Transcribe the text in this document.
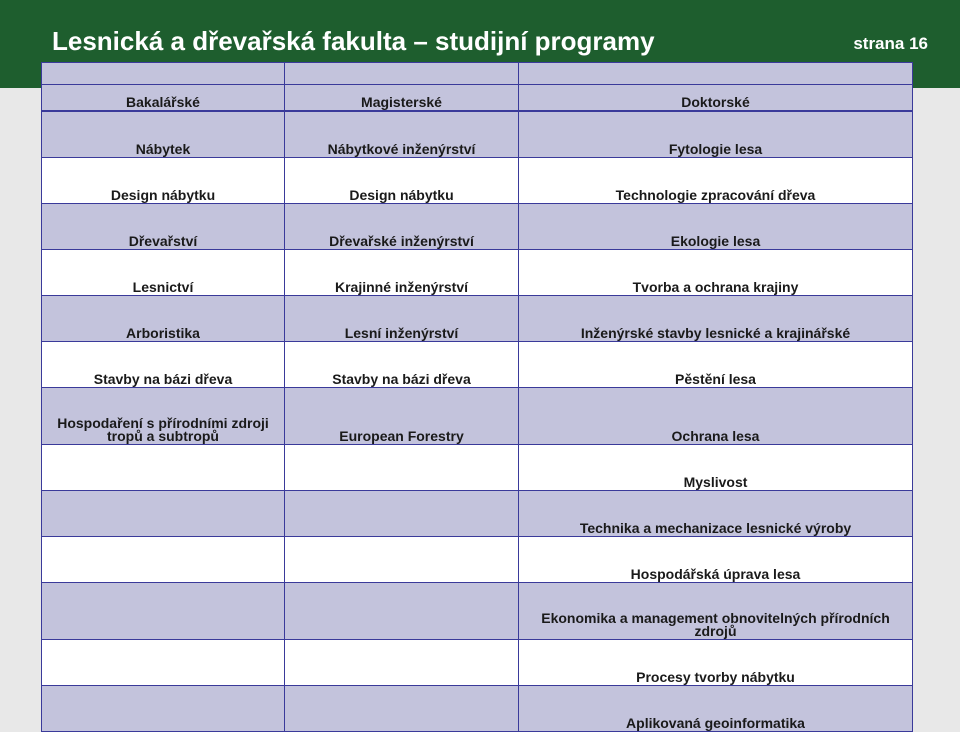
Lesnická a dřevařská fakulta – studijní programy	strana 16

Bakalářské	Magisterské	Doktorské
Nábytek	Nábytkové inženýrství	Fytologie lesa
Design nábytku	Design nábytku	Technologie zpracování dřeva
Dřevařství	Dřevařské inženýrství	Ekologie lesa
Lesnictví	Krajinné inženýrství	Tvorba a ochrana krajiny
Arboristika	Lesní inženýrství	Inženýrské stavby lesnické a krajinářské
Stavby na bázi dřeva	Stavby na bázi dřeva	Pěstění lesa
Hospodaření s přírodními zdroji tropů a subtropů	European Forestry	Ochrana lesa
		Myslivost
		Technika a mechanizace lesnické výroby
		Hospodářská úprava lesa
		Ekonomika a management obnovitelných přírodních zdrojů
		Procesy tvorby nábytku
		Aplikovaná geoinformatika
